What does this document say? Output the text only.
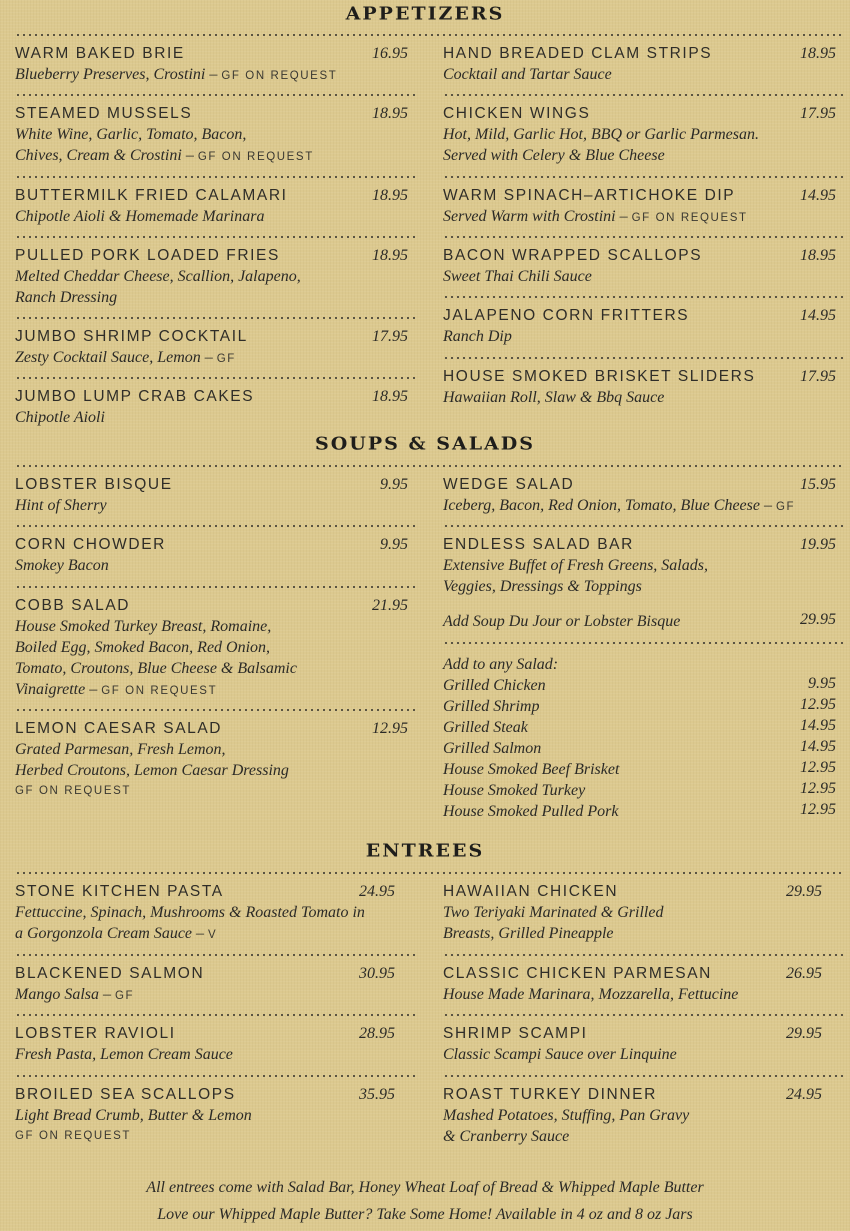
APPETIZERS
WARM BAKED BRIE
Blueberry Preserves, Crostini – GF ON REQUEST
16.95
STEAMED MUSSELS
White Wine, Garlic, Tomato, Bacon,
Chives, Cream & Crostini – GF ON REQUEST
18.95
BUTTERMILK FRIED CALAMARI
Chipotle Aioli & Homemade Marinara
18.95
PULLED PORK LOADED FRIES
Melted Cheddar Cheese, Scallion, Jalapeno,
Ranch Dressing
18.95
JUMBO SHRIMP COCKTAIL
Zesty Cocktail Sauce, Lemon – GF
17.95
JUMBO LUMP CRAB CAKES
Chipotle Aioli
18.95
HAND BREADED CLAM STRIPS
Cocktail and Tartar Sauce
18.95
CHICKEN WINGS
Hot, Mild, Garlic Hot, BBQ or Garlic Parmesan.
Served with Celery & Blue Cheese
17.95
WARM SPINACH–ARTICHOKE DIP
Served Warm with Crostini – GF ON REQUEST
14.95
BACON WRAPPED SCALLOPS
Sweet Thai Chili Sauce
18.95
JALAPENO CORN FRITTERS
Ranch Dip
14.95
HOUSE SMOKED BRISKET SLIDERS
Hawaiian Roll, Slaw & Bbq Sauce
17.95
SOUPS & SALADS
LOBSTER BISQUE
Hint of Sherry
9.95
CORN CHOWDER
Smokey Bacon
9.95
COBB SALAD
House Smoked Turkey Breast, Romaine,
Boiled Egg, Smoked Bacon, Red Onion,
Tomato, Croutons, Blue Cheese & Balsamic
Vinaigrette – GF ON REQUEST
21.95
LEMON CAESAR SALAD
Grated Parmesan, Fresh Lemon,
Herbed Croutons, Lemon Caesar Dressing
GF ON REQUEST
12.95
WEDGE SALAD
Iceberg, Bacon, Red Onion, Tomato, Blue Cheese – GF
15.95
ENDLESS SALAD BAR
Extensive Buffet of Fresh Greens, Salads,
Veggies, Dressings & Toppings
19.95
Add Soup Du Jour or Lobster Bisque	29.95
Add to any Salad:
Grilled Chicken	9.95
Grilled Shrimp	12.95
Grilled Steak	14.95
Grilled Salmon	14.95
House Smoked Beef Brisket	12.95
House Smoked Turkey	12.95
House Smoked Pulled Pork	12.95
ENTREES
STONE KITCHEN PASTA
Fettuccine, Spinach, Mushrooms & Roasted Tomato in
a Gorgonzola Cream Sauce – V
24.95
BLACKENED SALMON
Mango Salsa – GF
30.95
LOBSTER RAVIOLI
Fresh Pasta, Lemon Cream Sauce
28.95
BROILED SEA SCALLOPS
Light Bread Crumb, Butter & Lemon
GF ON REQUEST
35.95
HAWAIIAN CHICKEN
Two Teriyaki Marinated & Grilled
Breasts, Grilled Pineapple
29.95
CLASSIC CHICKEN PARMESAN
House Made Marinara, Mozzarella, Fettucine
26.95
SHRIMP SCAMPI
Classic Scampi Sauce over Linquine
29.95
ROAST TURKEY DINNER
Mashed Potatoes, Stuffing, Pan Gravy
& Cranberry Sauce
24.95
All entrees come with Salad Bar, Honey Wheat Loaf of Bread & Whipped Maple Butter
Love our Whipped Maple Butter? Take Some Home! Available in 4 oz and 8 oz Jars
